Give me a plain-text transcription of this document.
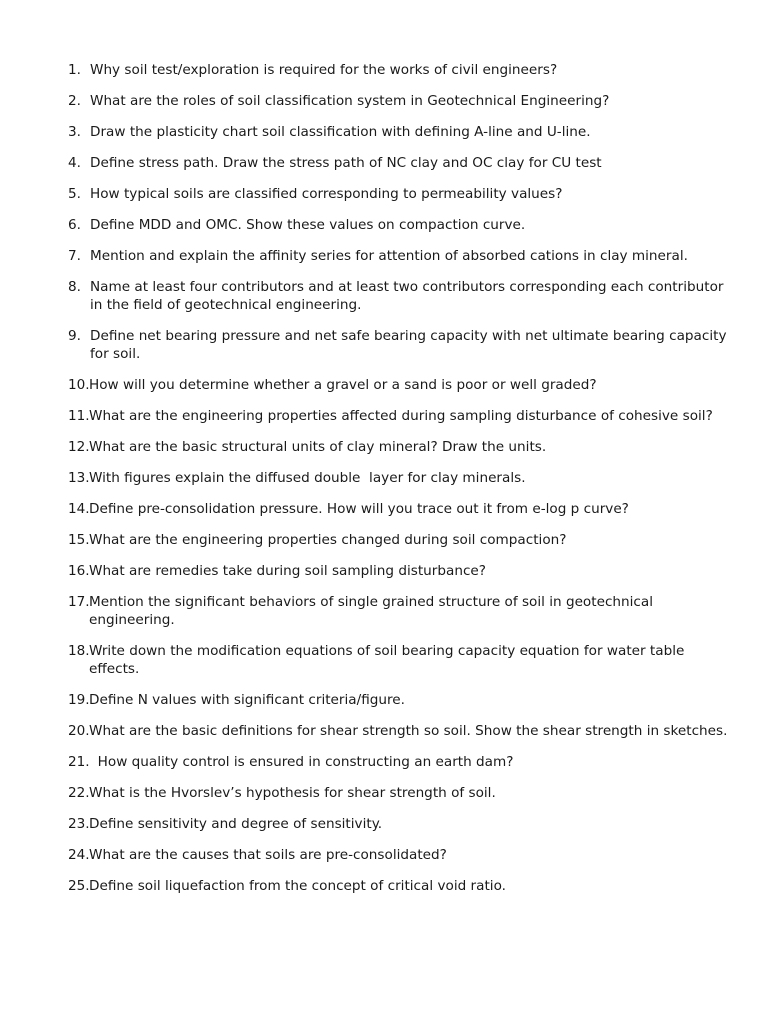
1. Why soil test/exploration is required for the works of civil engineers?
2. What are the roles of soil classification system in Geotechnical Engineering?
3. Draw the plasticity chart soil classification with defining A-line and U-line.
4. Define stress path. Draw the stress path of NC clay and OC clay for CU test
5. How typical soils are classified corresponding to permeability values?
6. Define MDD and OMC. Show these values on compaction curve.
7. Mention and explain the affinity series for attention of absorbed cations in clay mineral.
8. Name at least four contributors and at least two contributors corresponding each contributor in the field of geotechnical engineering.
9. Define net bearing pressure and net safe bearing capacity with net ultimate bearing capacity for soil.
10. How will you determine whether a gravel or a sand is poor or well graded?
11. What are the engineering properties affected during sampling disturbance of cohesive soil?
12. What are the basic structural units of clay mineral? Draw the units.
13. With figures explain the diffused double  layer for clay minerals.
14. Define pre-consolidation pressure. How will you trace out it from e-log p curve?
15. What are the engineering properties changed during soil compaction?
16. What are remedies take during soil sampling disturbance?
17. Mention the significant behaviors of single grained structure of soil in geotechnical engineering.
18. Write down the modification equations of soil bearing capacity equation for water table effects.
19. Define N values with significant criteria/figure.
20. What are the basic definitions for shear strength so soil. Show the shear strength in sketches.
21. How quality control is ensured in constructing an earth dam?
22. What is the Hvorslev’s hypothesis for shear strength of soil.
23. Define sensitivity and degree of sensitivity.
24. What are the causes that soils are pre-consolidated?
25. Define soil liquefaction from the concept of critical void ratio.
